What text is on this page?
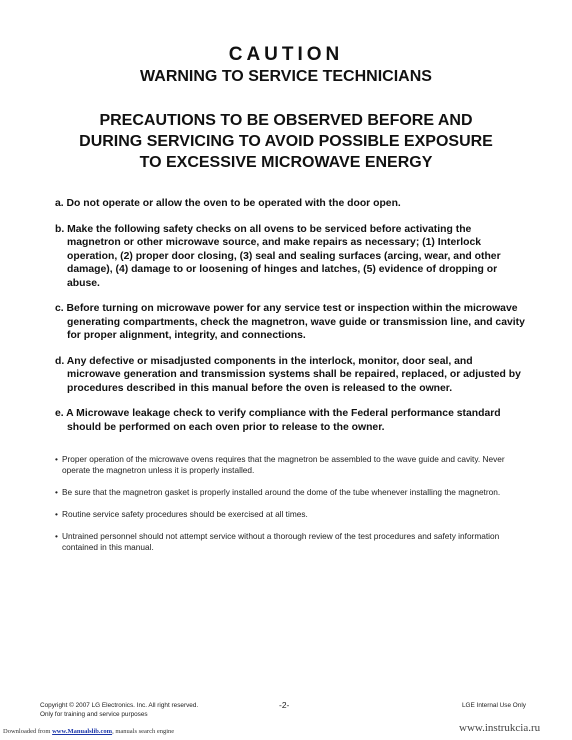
CAUTION
WARNING TO SERVICE TECHNICIANS
PRECAUTIONS TO BE OBSERVED BEFORE AND
DURING SERVICING TO AVOID POSSIBLE EXPOSURE
TO EXCESSIVE MICROWAVE ENERGY
a. Do not operate or allow the oven to be operated with the door open.
b. Make the following safety checks on all ovens to be serviced before activating the magnetron or other microwave source, and make repairs as necessary; (1) Interlock operation, (2) proper door closing, (3) seal and sealing surfaces (arcing, wear, and other damage), (4) damage to or loosening of hinges and latches, (5) evidence of dropping or abuse.
c. Before turning on microwave power for any service test or inspection within the microwave generating compartments, check the magnetron, wave guide or transmission line, and cavity for proper alignment, integrity, and connections.
d. Any defective or misadjusted components in the interlock, monitor, door seal, and microwave generation and transmission systems shall be repaired, replaced, or adjusted by procedures described in this manual before the oven is released to the owner.
e. A Microwave leakage check to verify compliance with the Federal performance standard should be performed on each oven prior to release to the owner.
• Proper operation of the microwave ovens requires that the magnetron be assembled to the wave guide and cavity. Never operate the magnetron unless it is properly installed.
• Be sure that the magnetron gasket is properly installed around the dome of the tube whenever installing the magnetron.
• Routine service safety procedures should be exercised at all times.
• Untrained personnel should not attempt service without a thorough review of the test procedures and safety information contained in this manual.
Copyright © 2007 LG Electronics. Inc. All right reserved.
Only for training and service purposes
-2-	LGE Internal Use Only
Downloaded from www.Manualslib.com, manuals search engine	www.instrukcia.ru
